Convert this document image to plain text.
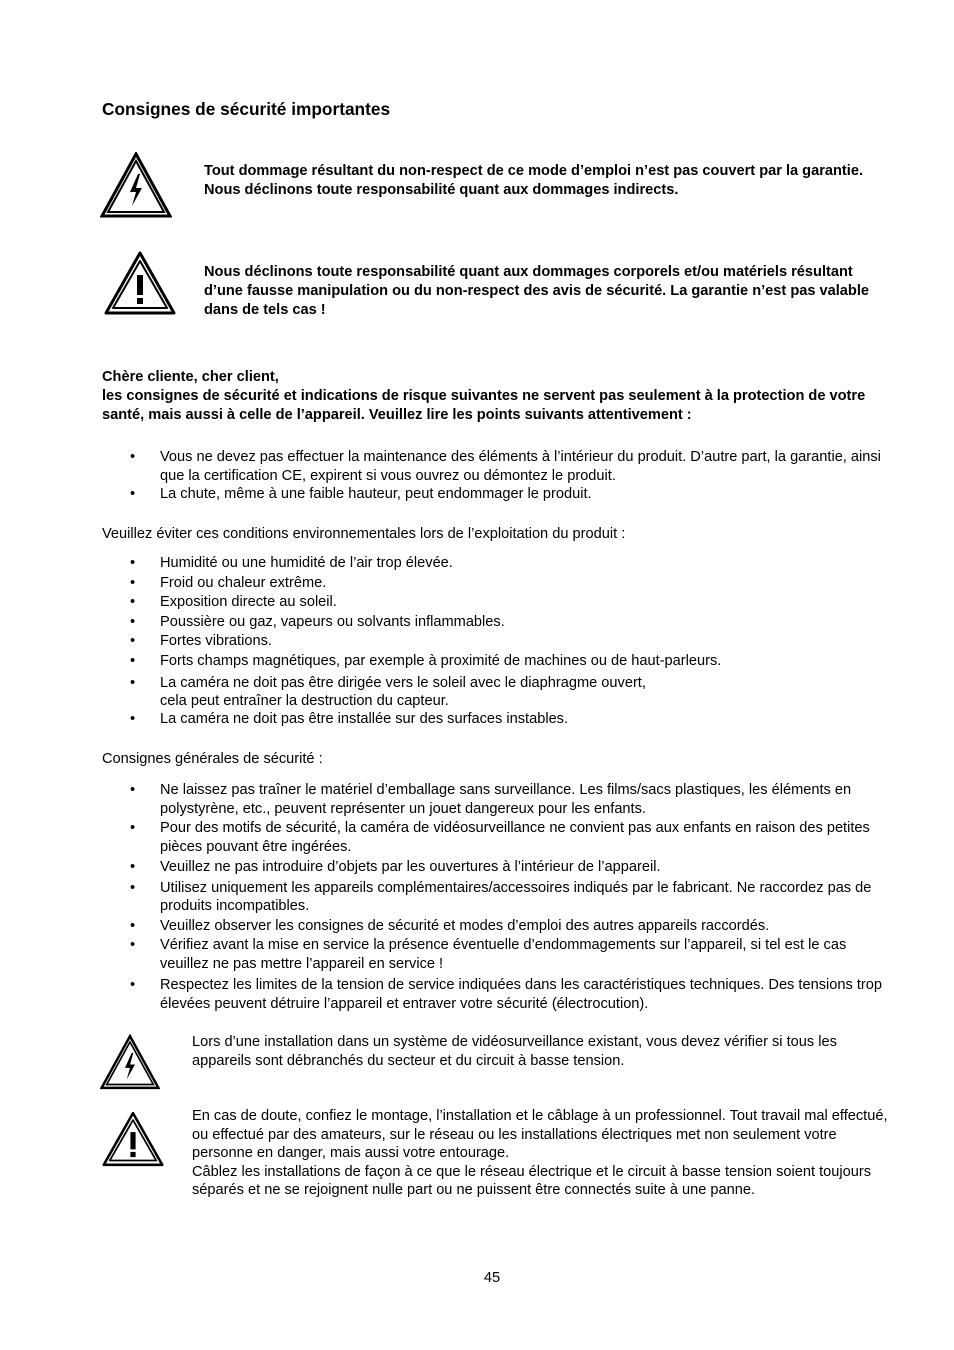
Consignes de sécurité importantes
Tout dommage résultant du non-respect de ce mode d’emploi n’est pas couvert par la garantie. Nous déclinons toute responsabilité quant aux dommages indirects.
Nous déclinons toute responsabilité quant aux dommages corporels et/ou matériels résultant d’une fausse manipulation ou du non-respect des avis de sécurité. La garantie n’est pas valable dans de tels cas !
Chère cliente, cher client,
les consignes de sécurité et indications de risque suivantes ne servent pas seulement à la protection de votre santé, mais aussi à celle de l’appareil. Veuillez lire les points suivants attentivement :
• Vous ne devez pas effectuer la maintenance des éléments à l’intérieur du produit. D’autre part, la garantie, ainsi que la certification CE, expirent si vous ouvrez ou démontez le produit.
• La chute, même à une faible hauteur, peut endommager le produit.
Veuillez éviter ces conditions environnementales lors de l’exploitation du produit :
• Humidité ou une humidité de l’air trop élevée.
• Froid ou chaleur extrême.
• Exposition directe au soleil.
• Poussière ou gaz, vapeurs ou solvants inflammables.
• Fortes vibrations.
• Forts champs magnétiques, par exemple à proximité de machines ou de haut-parleurs.
• La caméra ne doit pas être dirigée vers le soleil avec le diaphragme ouvert,
cela peut entraîner la destruction du capteur.
• La caméra ne doit pas être installée sur des surfaces instables.
Consignes générales de sécurité :
• Ne laissez pas traîner le matériel d’emballage sans surveillance. Les films/sacs plastiques, les éléments en polystyrène, etc., peuvent représenter un jouet dangereux pour les enfants.
• Pour des motifs de sécurité, la caméra de vidéosurveillance ne convient pas aux enfants en raison des petites pièces pouvant être ingérées.
• Veuillez ne pas introduire d’objets par les ouvertures à l’intérieur de l’appareil.
• Utilisez uniquement les appareils complémentaires/accessoires indiqués par le fabricant. Ne raccordez pas de produits incompatibles.
• Veuillez observer les consignes de sécurité et modes d’emploi des autres appareils raccordés.
• Vérifiez avant la mise en service la présence éventuelle d’endommagements sur l’appareil, si tel est le cas veuillez ne pas mettre l’appareil en service !
• Respectez les limites de la tension de service indiquées dans les caractéristiques techniques. Des tensions trop élevées peuvent détruire l’appareil et entraver votre sécurité (électrocution).
Lors d’une installation dans un système de vidéosurveillance existant, vous devez vérifier si tous les appareils sont débranchés du secteur et du circuit à basse tension.
En cas de doute, confiez le montage, l’installation et le câblage à un professionnel. Tout travail mal effectué, ou effectué par des amateurs, sur le réseau ou les installations électriques met non seulement votre personne en danger, mais aussi votre entourage.
Câblez les installations de façon à ce que le réseau électrique et le circuit à basse tension soient toujours séparés et ne se rejoignent nulle part ou ne puissent être connectés suite à une panne.
45
